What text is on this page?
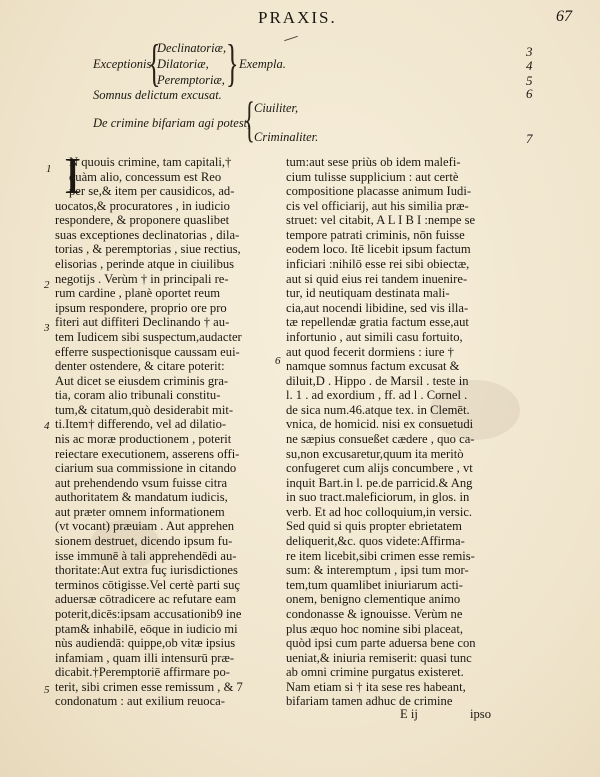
PRAXIS.	67
{
Declinatoriæ,
Exceptionis Dilatoriæ, } Exempla.
Peremptoriæ,
Somnus delictum excusat. { Ciuiliter,
De crimine bifariam agi potest,
Criminaliter.
3
4
5
6
7
I
1
2
3
4
5
6
N quouis crimine, tam capitali,†
quàm alio, concessum est Reo
per se,& item per causidicos, ad-
uocatos,& procuratores , in iudicio
respondere, & proponere quaslibet
suas exceptiones declinatorias , dila-
torias , & peremptorias , siue rectius,
elisorias , perinde atque in ciuilibus
negotijs . Verùm † in principali re-
rum cardine , planè oportet reum
ipsum respondere, proprio ore pro
fiteri aut diffiteri Declinando † au-
tem Iudicem sibi suspectum,audacter
efferre suspectionisque caussam eui-
denter ostendere, & citare poterit:
Aut dicet se eiusdem criminis gra-
tia, coram alio tribunali constitu-
tum,& citatum,quò desiderabit mit-
ti.Item† differendo, vel ad dilatio-
nis ac moræ productionem , poterit
reiectare executionem, asserens offi-
ciarium sua commissione in citando
aut prehendendo vsum fuisse citra
authoritatem & mandatum iudicis,
aut præter omnem informationem
(vt vocant) præuiam . Aut apprehen
sionem destruet, dicendo ipsum fu-
isse immunē à tali apprehendēdi au-
thoritate:Aut extra fuç iurisdictiones
terminos cōtigisse.Vel certè parti suç
aduersæ cōtradicere ac refutare eam
poterit,dicēs:ipsam accusationib9 ine
ptam& inhabilē, eōque in iudicio mi
nùs audiendā: quippe,ob vitæ ipsius
infamiam , quam illi intensurū præ-
dicabit.†Peremptoriē affirmare po-
terit, sibi crimen esse remissum , & 7
condonatum : aut exilium reuoca-
tum:aut sese priùs ob idem malefi-
cium tulisse supplicium : aut certè
compositione placasse animum Iudi-
cis vel officiarij, aut his similia præ-
struet: vel citabit, A L I B I :nempe se
tempore patrati criminis, nōn fuisse
eodem loco. Itē licebit ipsum factum
inficiari :nihilō esse rei sibi obiectæ,
aut si quid eius rei tandem inuenire-
tur, id neutiquam destinata mali-
cia,aut nocendi libidine, sed vis illa-
tæ repellendæ gratia factum esse,aut
infortunio , aut simili casu fortuito,
aut quod fecerit dormiens : iure †
namque somnus factum excusat &
diluit,D . Hippo . de Marsil . teste in
l. 1 . ad exordium , ff. ad l . Cornel .
de sica num.46.atque tex. in Clemēt.
vnica, de homicid. nisi ex consuetudi
ne sæpius consueßet cædere , quo ca-
su,non excusaretur,quum ita meritò
confugeret cum alijs concumbere , vt
inquit Bart.in l. pe.de parricid.& Ang
in suo tract.maleficiorum, in glos. in
verb. Et ad hoc colloquium,in versic.
Sed quid si quis propter ebrietatem
deliquerit,&c. quos videte:Affirma-
re item licebit,sibi crimen esse remis-
sum: & interemptum , ipsi tum mor-
tem,tum quamlibet iniuriarum acti-
onem, benigno clementique animo
condonasse & ignouisse. Verùm ne
plus æquo hoc nomine sibi placeat,
quòd ipsi cum parte aduersa bene con
ueniat,& iniuria remiserit: quasi tunc
ab omni crimine purgatus existeret.
Nam etiam si † ita sese res habeant,
bifariam tamen adhuc de crimine
E ij	ipso
